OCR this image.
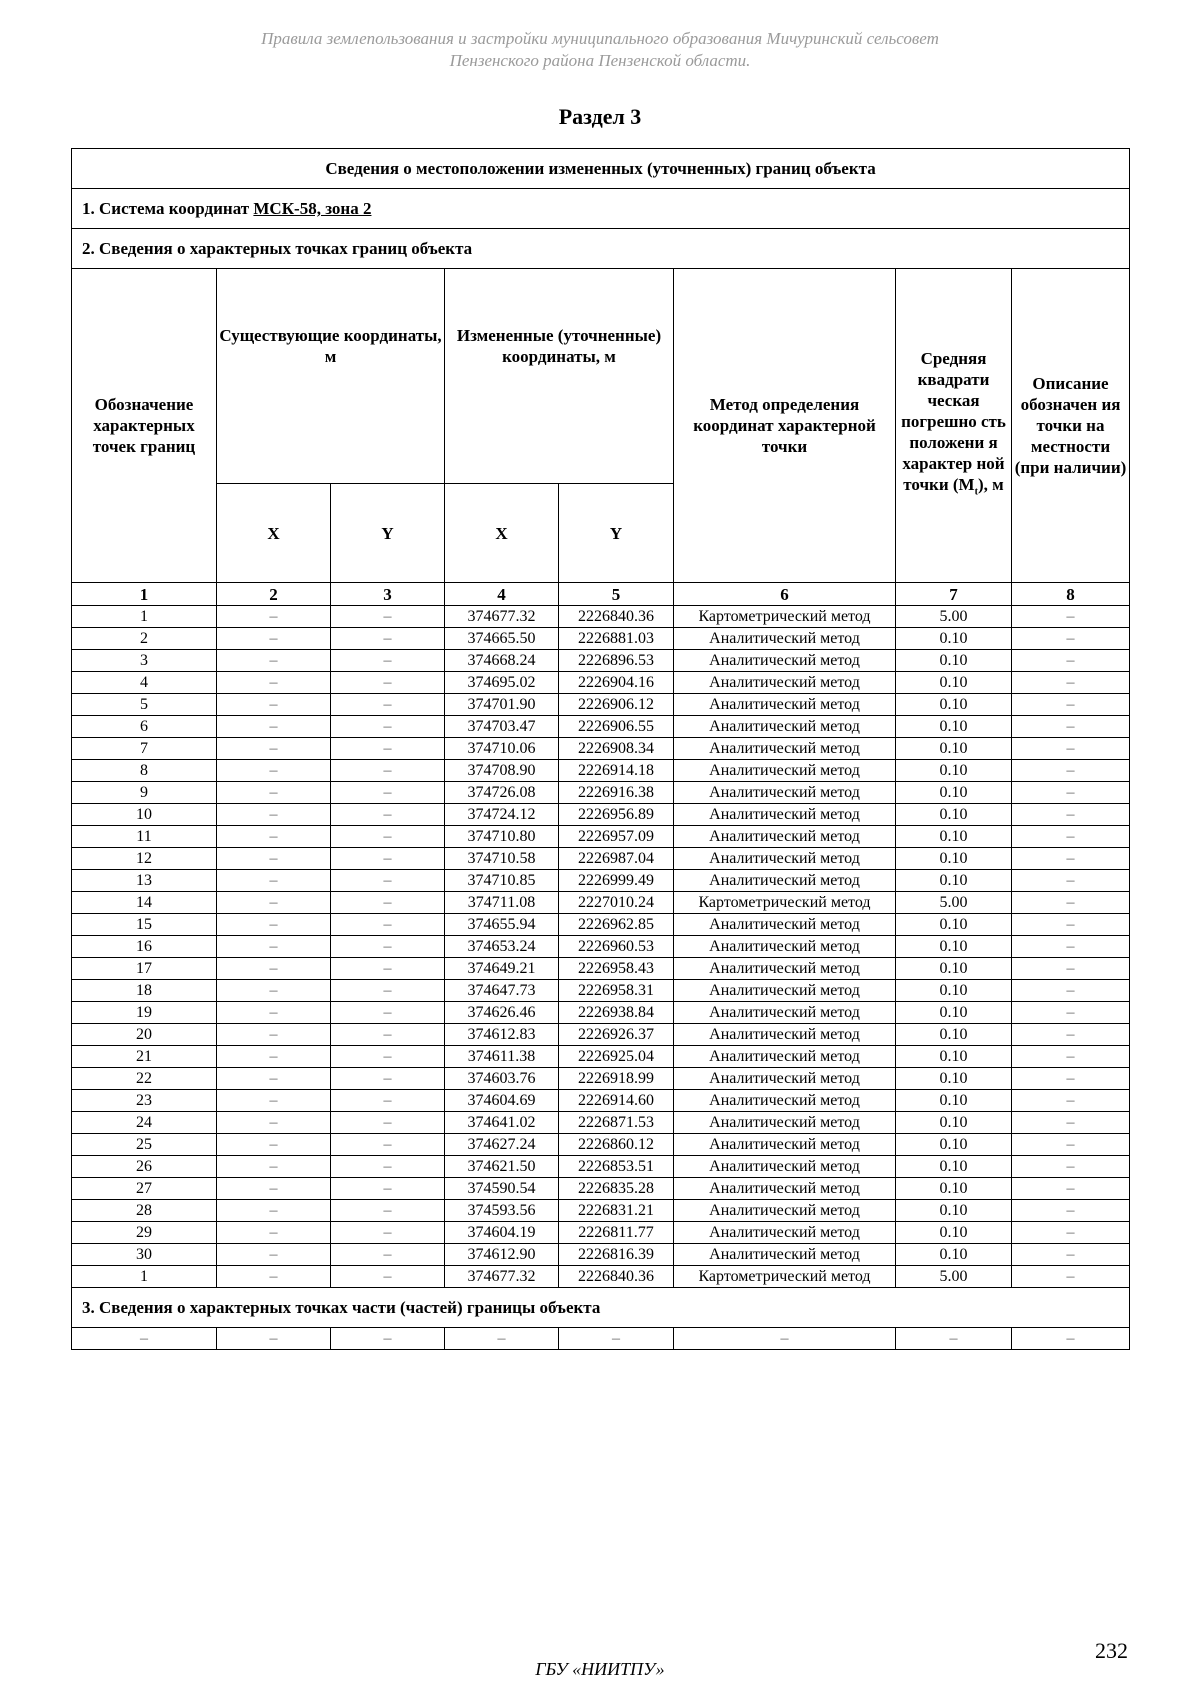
Правила землепользования и застройки муниципального образования Мичуринский сельсовет
Пензенского района Пензенской области.
Раздел 3
Сведения о местоположении измененных (уточненных) границ объекта							
1. Система координат МСК-58, зона 2							
2. Сведения о характерных точках границ объекта							
Обозначение характерных точек границ	Существующие координаты, м		Измененные (уточненные) координаты, м		Метод определения координат характерной точки	Средняя квадрати ческая погрешно сть положени я характер ной точки $(M_t)$, м	Описание обозначен ия точки на местности (при наличии)
	X	Y	X	Y			
1	2	3	4	5	6	7	8
1	–	–	374677.32	2226840.36	Картометрический метод	5.00	–
2	–	–	374665.50	2226881.03	Аналитический метод	0.10	–
3	–	–	374668.24	2226896.53	Аналитический метод	0.10	–
4	–	–	374695.02	2226904.16	Аналитический метод	0.10	–
5	–	–	374701.90	2226906.12	Аналитический метод	0.10	–
6	–	–	374703.47	2226906.55	Аналитический метод	0.10	–
7	–	–	374710.06	2226908.34	Аналитический метод	0.10	–
8	–	–	374708.90	2226914.18	Аналитический метод	0.10	–
9	–	–	374726.08	2226916.38	Аналитический метод	0.10	–
10	–	–	374724.12	2226956.89	Аналитический метод	0.10	–
11	–	–	374710.80	2226957.09	Аналитический метод	0.10	–
12	–	–	374710.58	2226987.04	Аналитический метод	0.10	–
13	–	–	374710.85	2226999.49	Аналитический метод	0.10	–
14	–	–	374711.08	2227010.24	Картометрический метод	5.00	–
15	–	–	374655.94	2226962.85	Аналитический метод	0.10	–
16	–	–	374653.24	2226960.53	Аналитический метод	0.10	–
17	–	–	374649.21	2226958.43	Аналитический метод	0.10	–
18	–	–	374647.73	2226958.31	Аналитический метод	0.10	–
19	–	–	374626.46	2226938.84	Аналитический метод	0.10	–
20	–	–	374612.83	2226926.37	Аналитический метод	0.10	–
21	–	–	374611.38	2226925.04	Аналитический метод	0.10	–
22	–	–	374603.76	2226918.99	Аналитический метод	0.10	–
23	–	–	374604.69	2226914.60	Аналитический метод	0.10	–
24	–	–	374641.02	2226871.53	Аналитический метод	0.10	–
25	–	–	374627.24	2226860.12	Аналитический метод	0.10	–
26	–	–	374621.50	2226853.51	Аналитический метод	0.10	–
27	–	–	374590.54	2226835.28	Аналитический метод	0.10	–
28	–	–	374593.56	2226831.21	Аналитический метод	0.10	–
29	–	–	374604.19	2226811.77	Аналитический метод	0.10	–
30	–	–	374612.90	2226816.39	Аналитический метод	0.10	–
1	–	–	374677.32	2226840.36	Картометрический метод	5.00	–
3. Сведения о характерных точках части (частей) границы объекта							
–	–	–	–	–	–	–	–
232
ГБУ «НИИТПУ»
